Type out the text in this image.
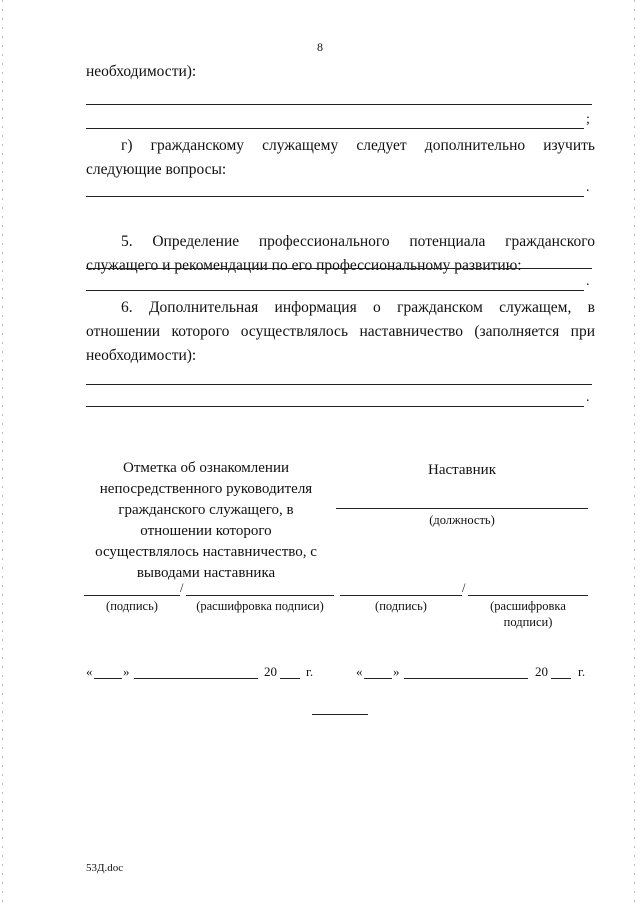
8
необходимости):
;
г) гражданскому служащему следует дополнительно изучить
следующие вопросы:
.
5. Определение профессионального потенциала гражданского
служащего и рекомендации по его профессиональному развитию:
.
6. Дополнительная информация о гражданском служащем, в
отношении которого осуществлялось наставничество (заполняется при
необходимости):
.
Отметка об ознакомлении
непосредственного руководителя
гражданского служащего, в
отношении которого
осуществлялось наставничество, с
выводами наставника
Наставник
(должность)
/	/
(подпись)	(расшифровка подписи)	(подпись)	(расшифровка
подписи)
« »	20 г.	« »	20 г.
53Д.doc
